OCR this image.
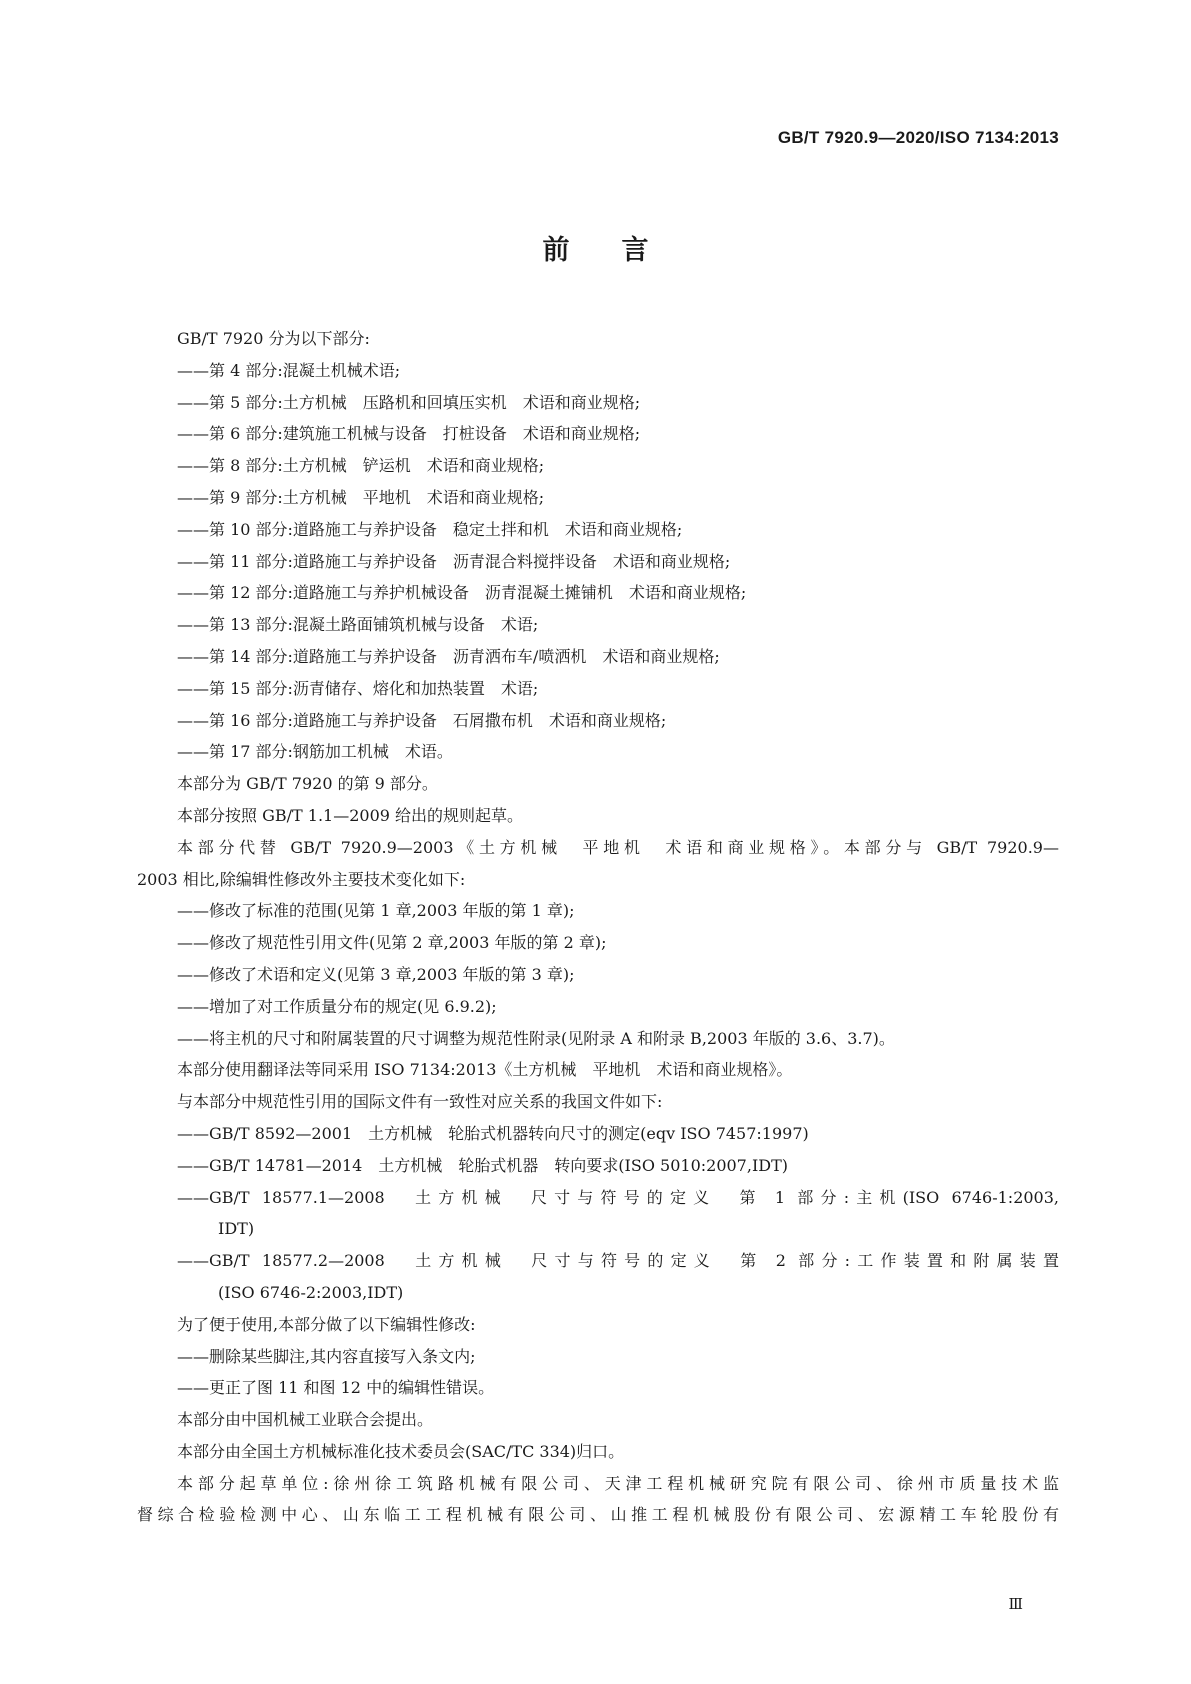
GB/T 7920.9—2020/ISO 7134:2013
前 言
GB/T 7920 分为以下部分:
——第 4 部分:混凝土机械术语;
——第 5 部分:土方机械　压路机和回填压实机　术语和商业规格;
——第 6 部分:建筑施工机械与设备　打桩设备　术语和商业规格;
——第 8 部分:土方机械　铲运机　术语和商业规格;
——第 9 部分:土方机械　平地机　术语和商业规格;
——第 10 部分:道路施工与养护设备　稳定土拌和机　术语和商业规格;
——第 11 部分:道路施工与养护设备　沥青混合料搅拌设备　术语和商业规格;
——第 12 部分:道路施工与养护机械设备　沥青混凝土摊铺机　术语和商业规格;
——第 13 部分:混凝土路面铺筑机械与设备　术语;
——第 14 部分:道路施工与养护设备　沥青洒布车/喷洒机　术语和商业规格;
——第 15 部分:沥青储存、熔化和加热装置　术语;
——第 16 部分:道路施工与养护设备　石屑撒布机　术语和商业规格;
——第 17 部分:钢筋加工机械　术语。
本部分为 GB/T 7920 的第 9 部分。
本部分按照 GB/T 1.1—2009 给出的规则起草。
本部分代替 GB/T 7920.9—2003《土方机械　平地机　术语和商业规格》。本部分与 GB/T 7920.9—
2003 相比,除编辑性修改外主要技术变化如下:
——修改了标准的范围(见第 1 章,2003 年版的第 1 章);
——修改了规范性引用文件(见第 2 章,2003 年版的第 2 章);
——修改了术语和定义(见第 3 章,2003 年版的第 3 章);
——增加了对工作质量分布的规定(见 6.9.2);
——将主机的尺寸和附属装置的尺寸调整为规范性附录(见附录 A 和附录 B,2003 年版的 3.6、3.7)。
本部分使用翻译法等同采用 ISO 7134:2013《土方机械　平地机　术语和商业规格》。
与本部分中规范性引用的国际文件有一致性对应关系的我国文件如下:
——GB/T 8592—2001　土方机械　轮胎式机器转向尺寸的测定(eqv ISO 7457:1997)
——GB/T 14781—2014　土方机械　轮胎式机器　转向要求(ISO 5010:2007,IDT)
——GB/T 18577.1—2008　土方机械　尺寸与符号的定义　第 1 部分:主机(ISO 6746-1:2003,
IDT)
——GB/T 18577.2—2008　土方机械　尺寸与符号的定义　第 2 部分:工作装置和附属装置
(ISO 6746-2:2003,IDT)
为了便于使用,本部分做了以下编辑性修改:
——删除某些脚注,其内容直接写入条文内;
——更正了图 11 和图 12 中的编辑性错误。
本部分由中国机械工业联合会提出。
本部分由全国土方机械标准化技术委员会(SAC/TC 334)归口。
本部分起草单位:徐州徐工筑路机械有限公司、天津工程机械研究院有限公司、徐州市质量技术监
督综合检验检测中心、山东临工工程机械有限公司、山推工程机械股份有限公司、宏源精工车轮股份有
Ⅲ
